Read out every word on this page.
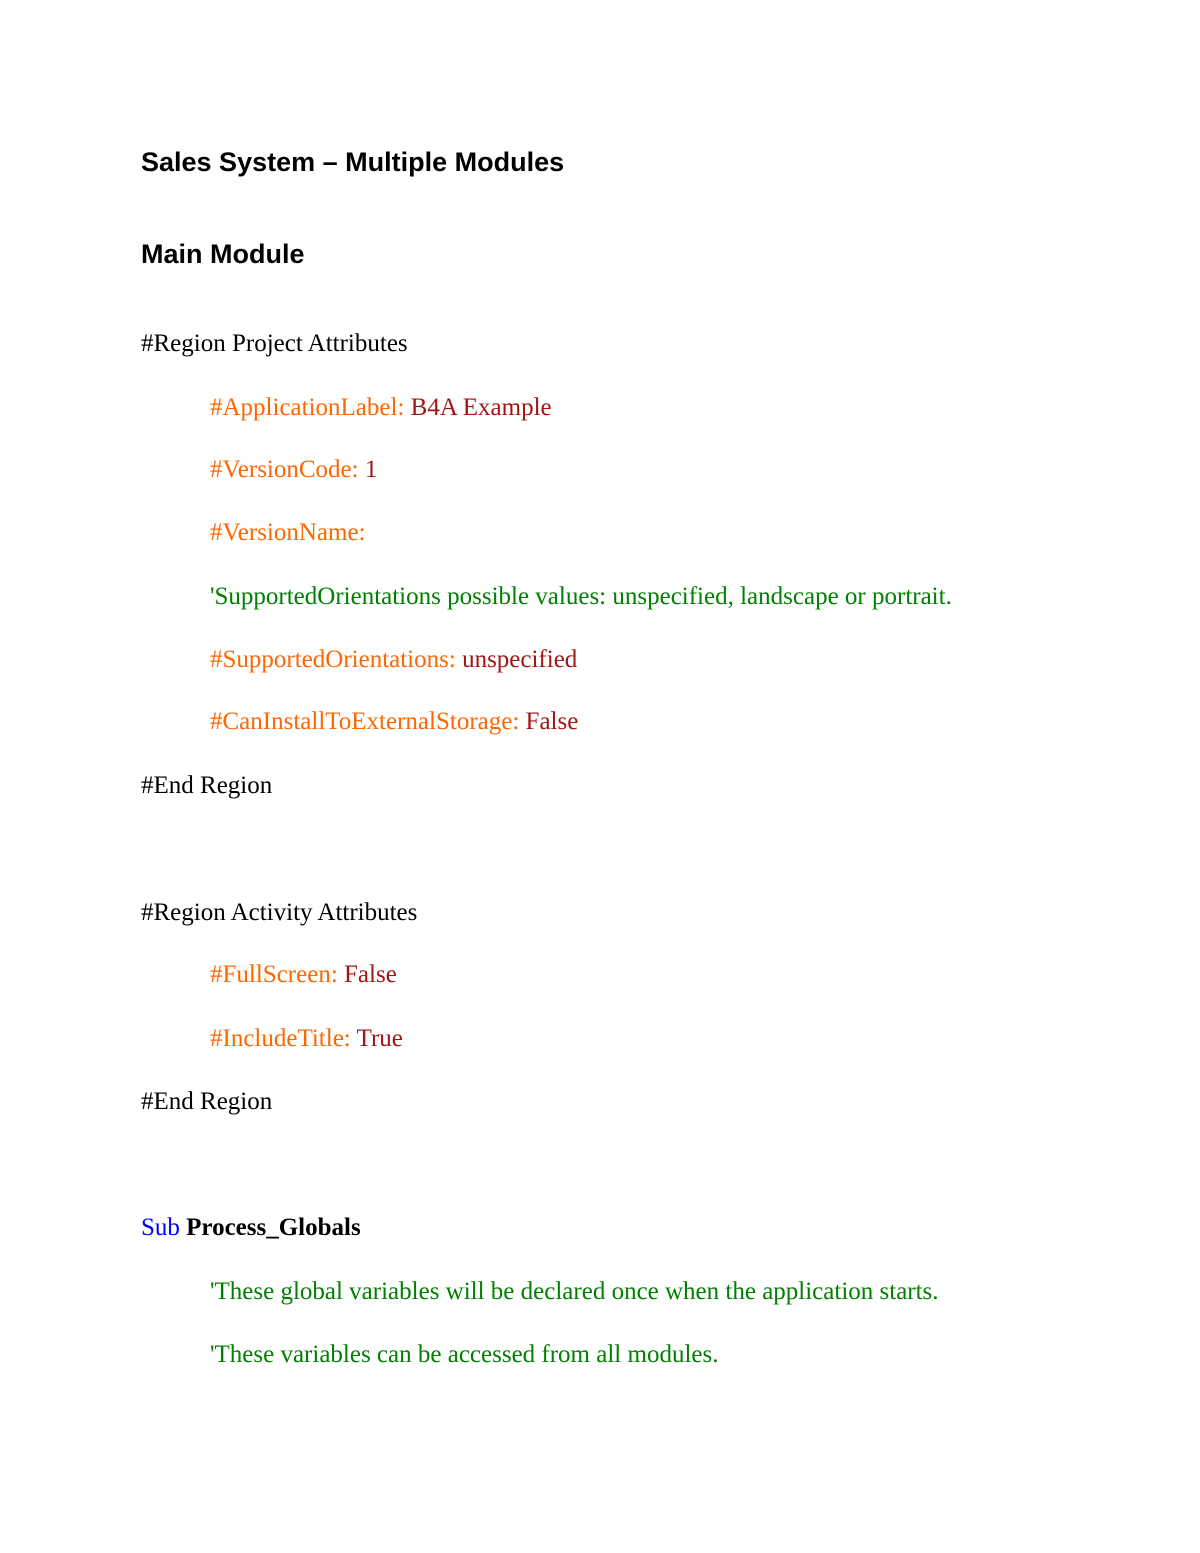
Sales System – Multiple Modules
Main Module
#Region Project Attributes
#ApplicationLabel: B4A Example
#VersionCode: 1
#VersionName:
'SupportedOrientations possible values: unspecified, landscape or portrait.
#SupportedOrientations: unspecified
#CanInstallToExternalStorage: False
#End Region
#Region Activity Attributes
#FullScreen: False
#IncludeTitle: True
#End Region
Sub Process_Globals
'These global variables will be declared once when the application starts.
'These variables can be accessed from all modules.
